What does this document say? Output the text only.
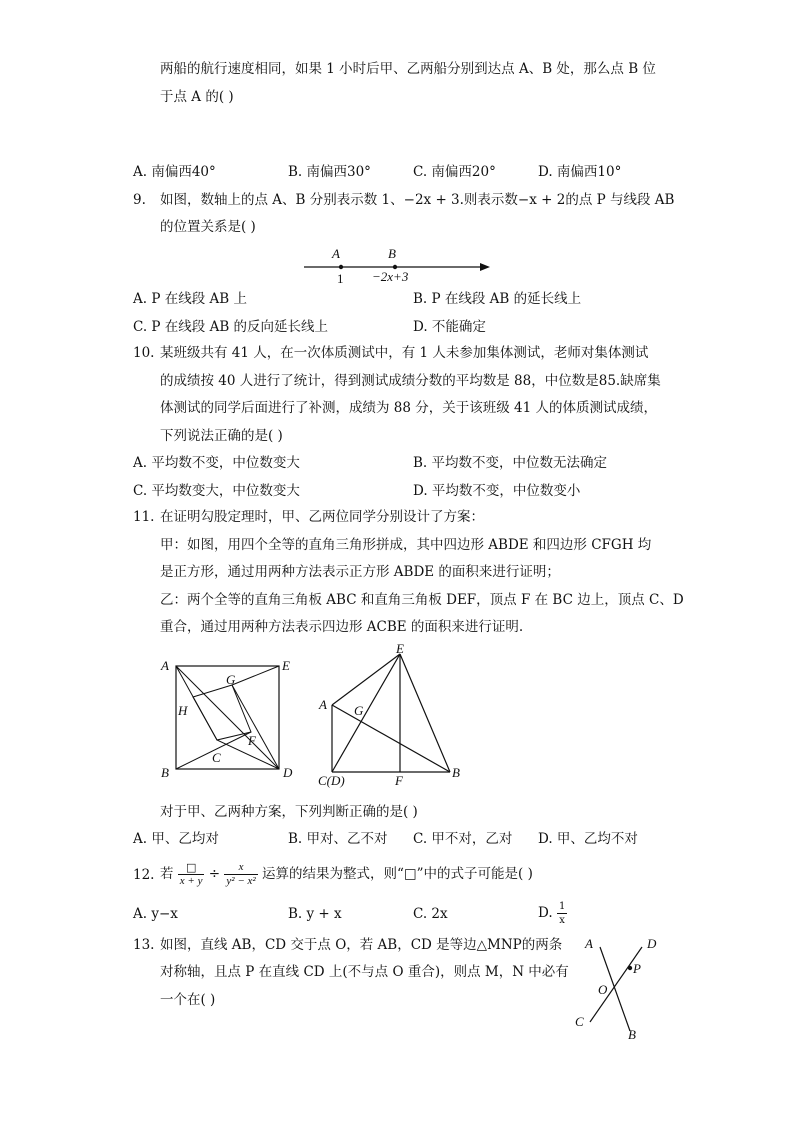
两船的航行速度相同，如果 1 小时后甲、乙两船分别到达点 A、B 处，那么点 B 位
于点 A 的( )
A. 南偏西40°	B. 南偏西30°	C. 南偏西20°	D. 南偏西10°
9. 如图，数轴上的点 A、B 分别表示数 1、−2x + 3.则表示数−x + 2的点 P 与线段 AB
的位置关系是( )
A	B
1 −2x+3
A. P 在线段 AB 上	B. P 在线段 AB 的延长线上
C. P 在线段 AB 的反向延长线上	D. 不能确定
10. 某班级共有 41 人，在一次体质测试中，有 1 人未参加集体测试，老师对集体测试
的成绩按 40 人进行了统计，得到测试成绩分数的平均数是 88，中位数是85.缺席集
体测试的同学后面进行了补测，成绩为 88 分，关于该班级 41 人的体质测试成绩，
下列说法正确的是( )
A. 平均数不变，中位数变大	B. 平均数不变，中位数无法确定
C. 平均数变大，中位数变大	D. 平均数不变，中位数变小
11. 在证明勾股定理时，甲、乙两位同学分别设计了方案：
甲：如图，用四个全等的直角三角形拼成，其中四边形 ABDE 和四边形 CFGH 均
是正方形，通过用两种方法表示正方形 ABDE 的面积来进行证明；
乙：两个全等的直角三角板 ABC 和直角三角板 DEF，顶点 F 在 BC 边上，顶点 C、D
重合，通过用两种方法表示四边形 ACBE 的面积来进行证明.
A	E
G
H
F
C
B	D
E
A G
C(D)	F
B
对于甲、乙两种方案，下列判断正确的是( )
A. 甲、乙均对	B. 甲对、乙不对 C. 甲不对，乙对 D. 甲、乙均不对
12. 若 $\frac{□}{x + y} \div \frac{x}{\text{y² − x²}}$ 运算的结果为整式，则“□”中的式子可能是( )
A. y−x	B. y + x	C. 2x	D. $\frac{1}{x}$
13. 如图，直线 AB，CD 交于点 O，若 AB，CD 是等边△MNP的两条
对称轴，且点 P 在直线 CD 上(不与点 O 重合)，则点 M，N 中必有
一个在( )
A	D
P
O
C
B
